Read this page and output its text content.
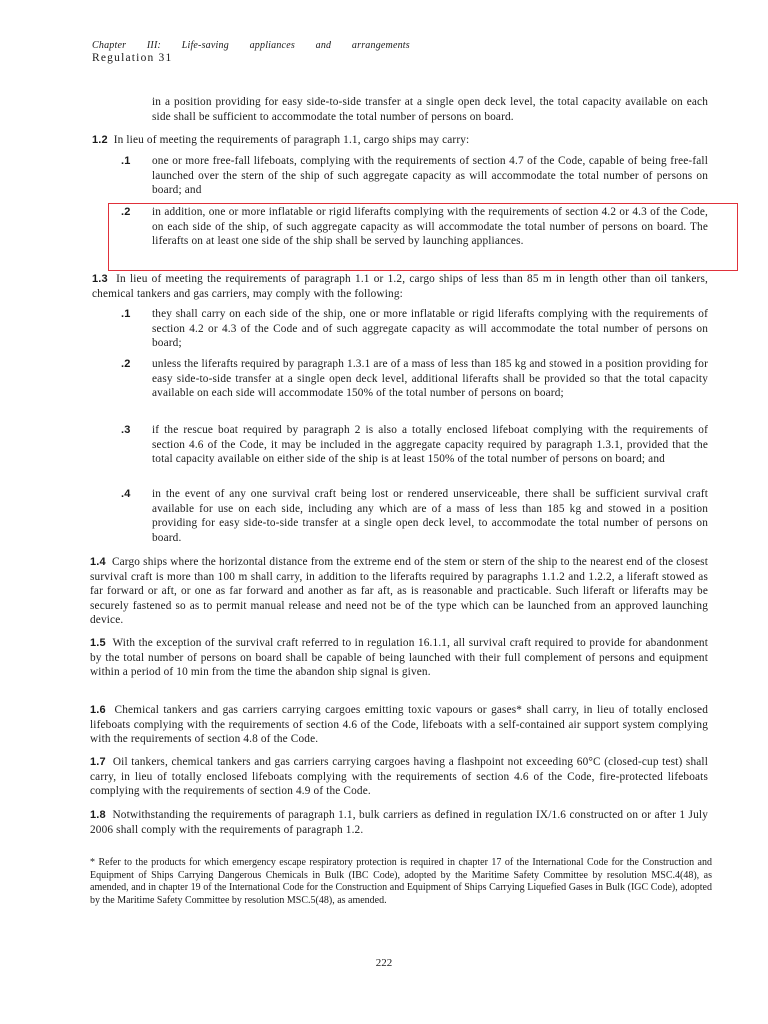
Chapter III: Life-saving appliances and arrangements
Regulation 31
in a position providing for easy side-to-side transfer at a single open deck level, the total capacity available on each side shall be sufficient to accommodate the total number of persons on board.
1.2 In lieu of meeting the requirements of paragraph 1.1, cargo ships may carry:
.1 one or more free-fall lifeboats, complying with the requirements of section 4.7 of the Code, capable of being free-fall launched over the stern of the ship of such aggregate capacity as will accommodate the total number of persons on board; and
.2 in addition, one or more inflatable or rigid liferafts complying with the requirements of section 4.2 or 4.3 of the Code, on each side of the ship, of such aggregate capacity as will accommodate the total number of persons on board. The liferafts on at least one side of the ship shall be served by launching appliances.
1.3 In lieu of meeting the requirements of paragraph 1.1 or 1.2, cargo ships of less than 85 m in length other than oil tankers, chemical tankers and gas carriers, may comply with the following:
.1 they shall carry on each side of the ship, one or more inflatable or rigid liferafts complying with the requirements of section 4.2 or 4.3 of the Code and of such aggregate capacity as will accommodate the total number of persons on board;
.2 unless the liferafts required by paragraph 1.3.1 are of a mass of less than 185 kg and stowed in a position providing for easy side-to-side transfer at a single open deck level, additional liferafts shall be provided so that the total capacity available on each side will accommodate 150% of the total number of persons on board;
.3 if the rescue boat required by paragraph 2 is also a totally enclosed lifeboat complying with the requirements of section 4.6 of the Code, it may be included in the aggregate capacity required by paragraph 1.3.1, provided that the total capacity available on either side of the ship is at least 150% of the total number of persons on board; and
.4 in the event of any one survival craft being lost or rendered unserviceable, there shall be sufficient survival craft available for use on each side, including any which are of a mass of less than 185 kg and stowed in a position providing for easy side-to-side transfer at a single open deck level, to accommodate the total number of persons on board.
1.4 Cargo ships where the horizontal distance from the extreme end of the stem or stern of the ship to the nearest end of the closest survival craft is more than 100 m shall carry, in addition to the liferafts required by paragraphs 1.1.2 and 1.2.2, a liferaft stowed as far forward or aft, or one as far forward and another as far aft, as is reasonable and practicable. Such liferaft or liferafts may be securely fastened so as to permit manual release and need not be of the type which can be launched from an approved launching device.
1.5 With the exception of the survival craft referred to in regulation 16.1.1, all survival craft required to provide for abandonment by the total number of persons on board shall be capable of being launched with their full complement of persons and equipment within a period of 10 min from the time the abandon ship signal is given.
1.6 Chemical tankers and gas carriers carrying cargoes emitting toxic vapours or gases* shall carry, in lieu of totally enclosed lifeboats complying with the requirements of section 4.6 of the Code, lifeboats with a self-contained air support system complying with the requirements of section 4.8 of the Code.
1.7 Oil tankers, chemical tankers and gas carriers carrying cargoes having a flashpoint not exceeding 60°C (closed-cup test) shall carry, in lieu of totally enclosed lifeboats complying with the requirements of section 4.6 of the Code, fire-protected lifeboats complying with the requirements of section 4.9 of the Code.
1.8 Notwithstanding the requirements of paragraph 1.1, bulk carriers as defined in regulation IX/1.6 constructed on or after 1 July 2006 shall comply with the requirements of paragraph 1.2.
* Refer to the products for which emergency escape respiratory protection is required in chapter 17 of the International Code for the Construction and Equipment of Ships Carrying Dangerous Chemicals in Bulk (IBC Code), adopted by the Maritime Safety Committee by resolution MSC.4(48), as amended, and in chapter 19 of the International Code for the Construction and Equipment of Ships Carrying Liquefied Gases in Bulk (IGC Code), adopted by the Maritime Safety Committee by resolution MSC.5(48), as amended.
222
